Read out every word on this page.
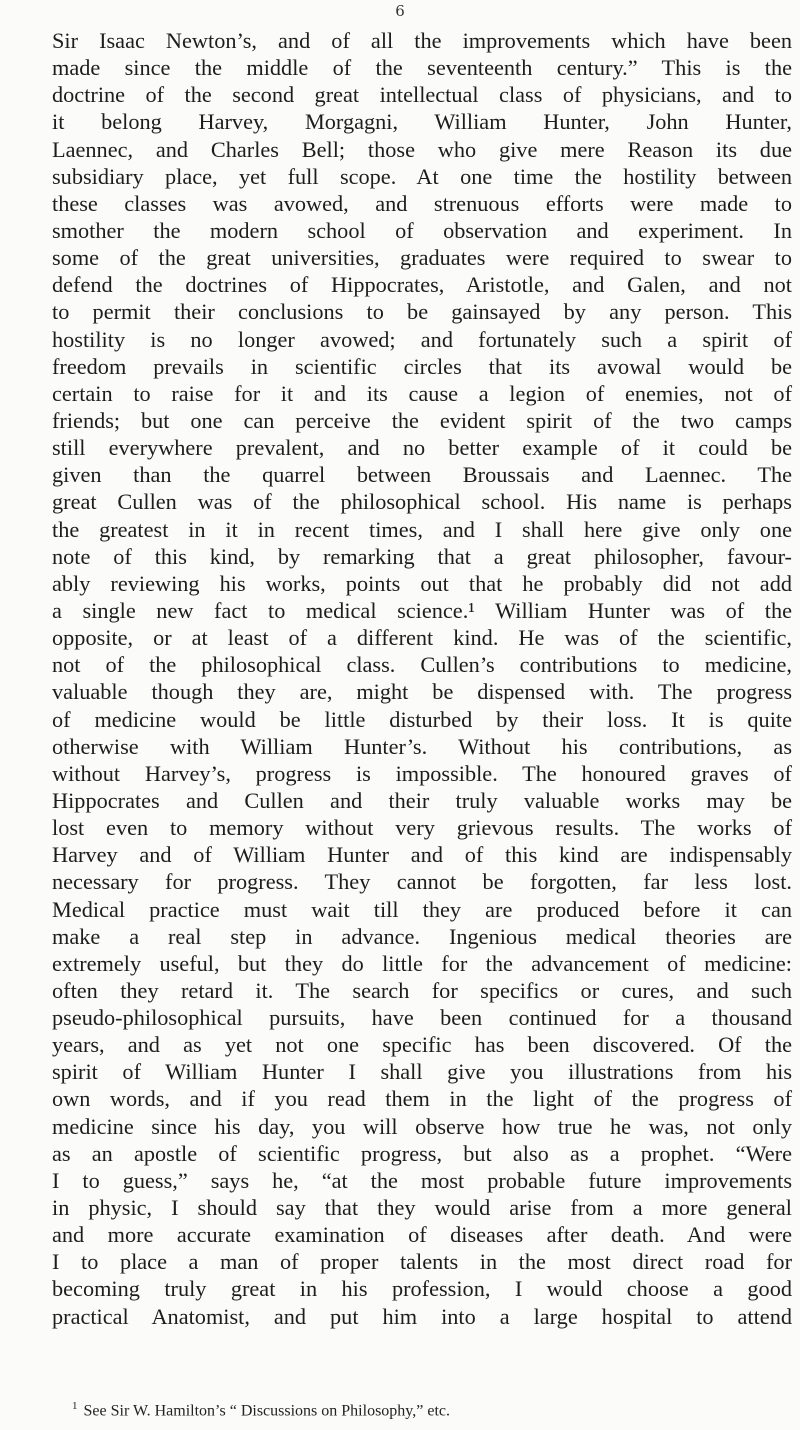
6
Sir Isaac Newton’s, and of all the improvements which have been
made since the middle of the seventeenth century.” This is the
doctrine of the second great intellectual class of physicians, and to
it belong Harvey, Morgagni, William Hunter, John Hunter,
Laennec, and Charles Bell; those who give mere Reason its due
subsidiary place, yet full scope. At one time the hostility between
these classes was avowed, and strenuous efforts were made to
smother the modern school of observation and experiment. In
some of the great universities, graduates were required to swear to
defend the doctrines of Hippocrates, Aristotle, and Galen, and not
to permit their conclusions to be gainsayed by any person. This
hostility is no longer avowed; and fortunately such a spirit of
freedom prevails in scientific circles that its avowal would be
certain to raise for it and its cause a legion of enemies, not of
friends; but one can perceive the evident spirit of the two camps
still everywhere prevalent, and no better example of it could be
given than the quarrel between Broussais and Laennec. The
great Cullen was of the philosophical school. His name is perhaps
the greatest in it in recent times, and I shall here give only one
note of this kind, by remarking that a great philosopher, favour-
ably reviewing his works, points out that he probably did not add
a single new fact to medical science.¹ William Hunter was of the
opposite, or at least of a different kind. He was of the scientific,
not of the philosophical class. Cullen’s contributions to medicine,
valuable though they are, might be dispensed with. The progress
of medicine would be little disturbed by their loss. It is quite
otherwise with William Hunter’s. Without his contributions, as
without Harvey’s, progress is impossible. The honoured graves of
Hippocrates and Cullen and their truly valuable works may be
lost even to memory without very grievous results. The works of
Harvey and of William Hunter and of this kind are indispensably
necessary for progress. They cannot be forgotten, far less lost.
Medical practice must wait till they are produced before it can
make a real step in advance. Ingenious medical theories are
extremely useful, but they do little for the advancement of medicine:
often they retard it. The search for specifics or cures, and such
pseudo-philosophical pursuits, have been continued for a thousand
years, and as yet not one specific has been discovered. Of the
spirit of William Hunter I shall give you illustrations from his
own words, and if you read them in the light of the progress of
medicine since his day, you will observe how true he was, not only
as an apostle of scientific progress, but also as a prophet. “Were
I to guess,” says he, “at the most probable future improvements
in physic, I should say that they would arise from a more general
and more accurate examination of diseases after death. And were
I to place a man of proper talents in the most direct road for
becoming truly great in his profession, I would choose a good
practical Anatomist, and put him into a large hospital to attend
$^1$ See Sir W. Hamilton’s “ Discussions on Philosophy,” etc.
